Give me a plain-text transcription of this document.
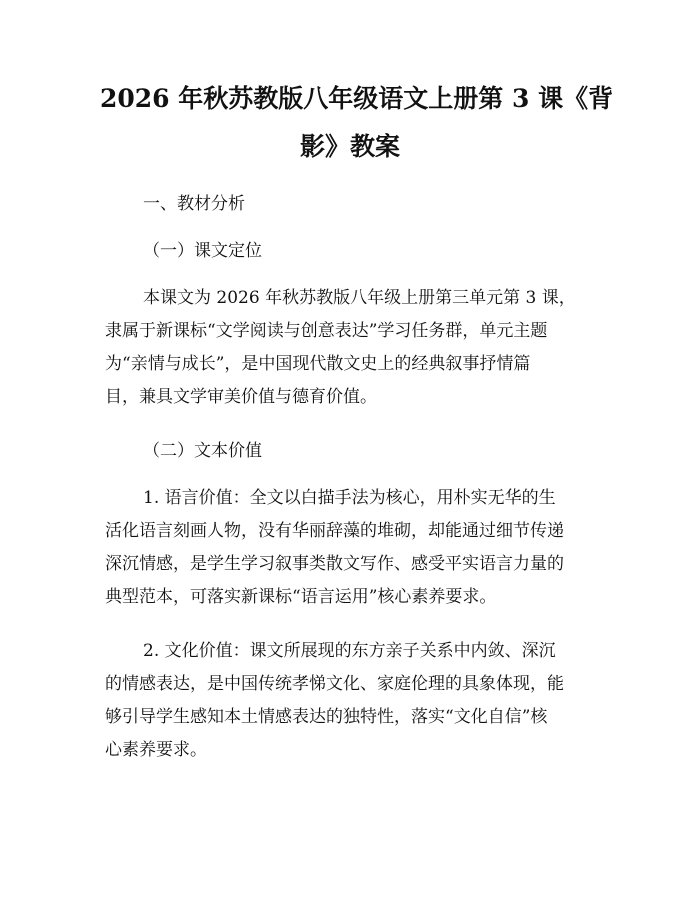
2026 年秋苏教版八年级语文上册第 3 课《背
影》教案
一、教材分析
（一）课文定位
本课文为 2026 年秋苏教版八年级上册第三单元第 3 课，
隶属于新课标“文学阅读与创意表达”学习任务群，单元主题
为“亲情与成长”，是中国现代散文史上的经典叙事抒情篇
目，兼具文学审美价值与德育价值。
（二）文本价值
1. 语言价值：全文以白描手法为核心，用朴实无华的生
活化语言刻画人物，没有华丽辞藻的堆砌，却能通过细节传递
深沉情感，是学生学习叙事类散文写作、感受平实语言力量的
典型范本，可落实新课标“语言运用”核心素养要求。
2. 文化价值：课文所展现的东方亲子关系中内敛、深沉
的情感表达，是中国传统孝悌文化、家庭伦理的具象体现，能
够引导学生感知本土情感表达的独特性，落实“文化自信”核
心素养要求。
